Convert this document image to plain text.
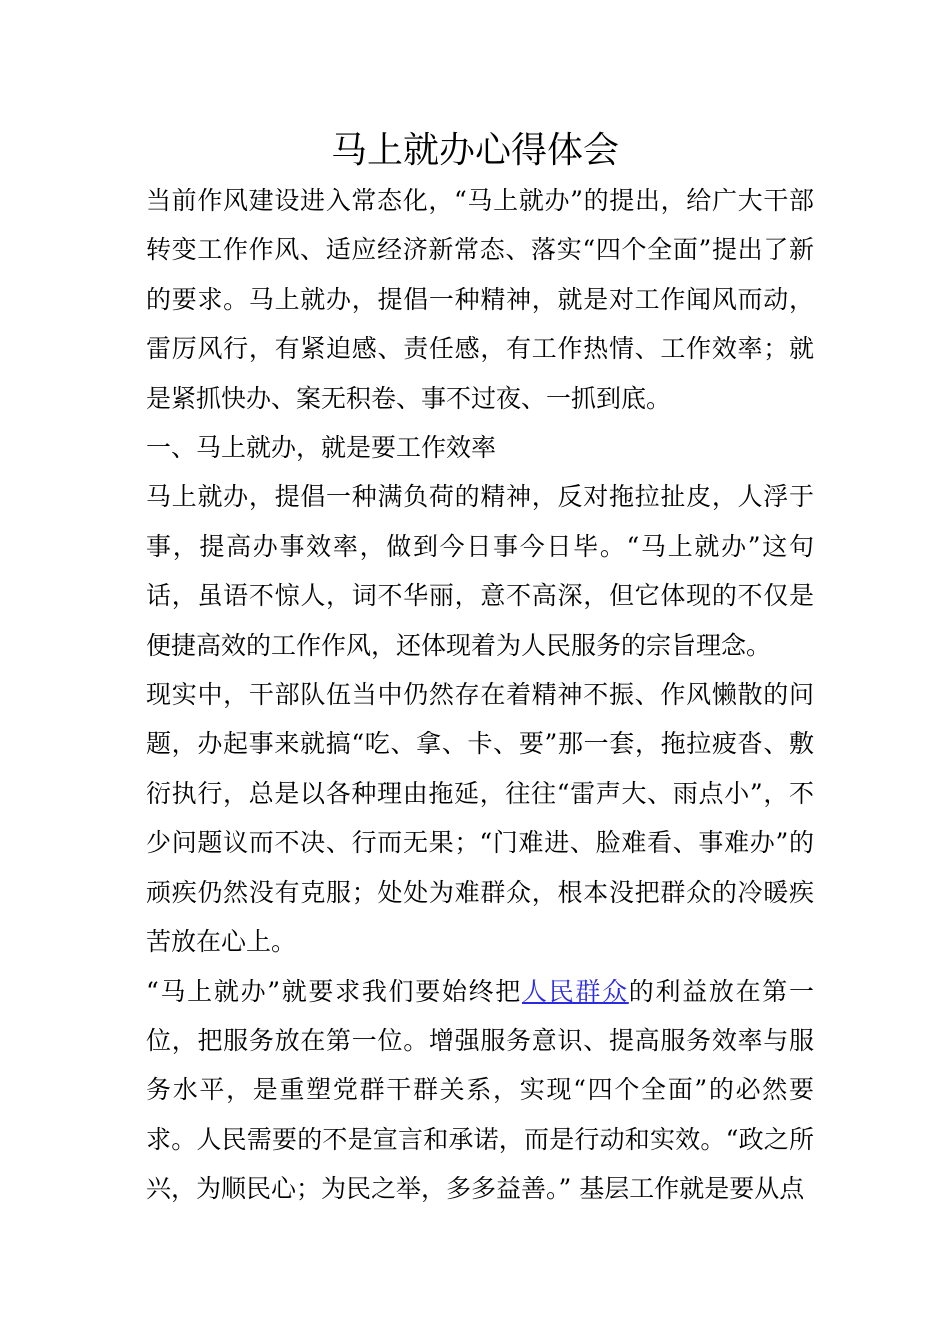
马上就办心得体会

当前作风建设进入常态化，“马上就办”的提出，给广大干部转变工作作风、适应经济新常态、落实“四个全面”提出了新的要求。马上就办，提倡一种精神，就是对工作闻风而动，雷厉风行，有紧迫感、责任感，有工作热情、工作效率；就是紧抓快办、案无积卷、事不过夜、一抓到底。

一、马上就办，就是要工作效率

马上就办，提倡一种满负荷的精神，反对拖拉扯皮，人浮于事，提高办事效率，做到今日事今日毕。“马上就办”这句话，虽语不惊人，词不华丽，意不高深，但它体现的不仅是便捷高效的工作作风，还体现着为人民服务的宗旨理念。

现实中，干部队伍当中仍然存在着精神不振、作风懒散的问题，办起事来就搞“吃、拿、卡、要”那一套，拖拉疲沓、敷衍执行，总是以各种理由拖延，往往“雷声大、雨点小”，不少问题议而不决、行而无果；“门难进、脸难看、事难办”的顽疾仍然没有克服；处处为难群众，根本没把群众的冷暖疾苦放在心上。

“马上就办”就要求我们要始终把人民群众的利益放在第一位，把服务放在第一位。增强服务意识、提高服务效率与服务水平，是重塑党群干群关系，实现“四个全面”的必然要求。人民需要的不是宣言和承诺，而是行动和实效。“政之所兴，为顺民心；为民之举，多多益善。” 基层工作就是要从点
